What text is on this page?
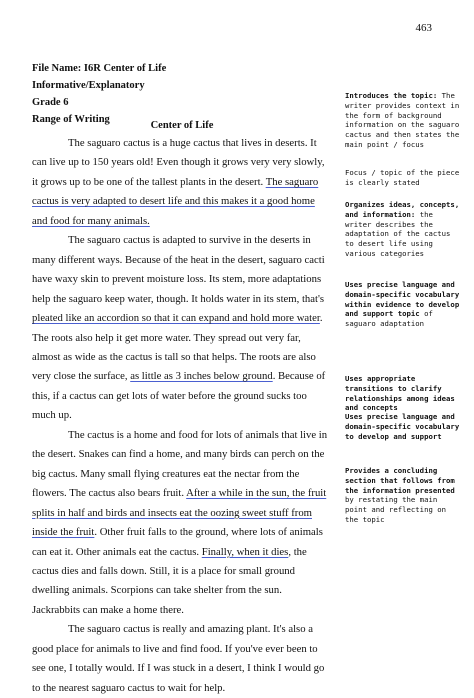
463
File Name: I6R Center of Life
Informative/Explanatory
Grade 6
Range of Writing
Center of Life

The saguaro cactus is a huge cactus that lives in deserts. It can live up to 150 years old! Even though it grows very very slowly, it grows up to be one of the tallest plants in the desert. The saguaro cactus is very adapted to desert life and this makes it a good home and food for many animals.

The saguaro cactus is adapted to survive in the deserts in many different ways. Because of the heat in the desert, saguaro cacti have waxy skin to prevent moisture loss. Its stem, more adaptations help the saguaro keep water, though. It holds water in its stem, that's pleated like an accordion so that it can expand and hold more water. The roots also help it get more water. They spread out very far, almost as wide as the cactus is tall so that helps. The roots are also very close the surface, as little as 3 inches below ground. Because of this, if a cactus can get lots of water before the ground sucks too much up.

The cactus is a home and food for lots of animals that live in the desert. Snakes can find a home, and many birds can perch on the big cactus. Many small flying creatures eat the nectar from the flowers. The cactus also bears fruit. After a while in the sun, the fruit splits in half and birds and insects eat the oozing sweet stuff from inside the fruit. Other fruit falls to the ground, where lots of animals can eat it. Other animals eat the cactus. Finally, when it dies, the cactus dies and falls down. Still, it is a place for small ground dwelling animals. Scorpions can take shelter from the sun. Jackrabbits can make a home there.

The saguaro cactus is really and amazing plant. It's also a good place for animals to live and find food. If you've ever been to see one, I totally would. If I was stuck in a desert, I think I would go to the nearest saguaro cactus to wait for help.

Introduces the topic: The writer provides context in the form of background information on the saguaro cactus and then states the main point / focus
Focus / topic of the piece is clearly stated
Organizes ideas, concepts, and information: the writer describes the adaptation of the cactus to desert life using various categories
Uses precise language and domain-specific vocabulary within evidence to develop and support topic of saguaro adaptation
Uses appropriate transitions to clarify relationships among ideas and concepts
Uses precise language and domain-specific vocabulary to develop and support
Provides a concluding section that follows from the information presented by restating the main point and reflecting on the topic
